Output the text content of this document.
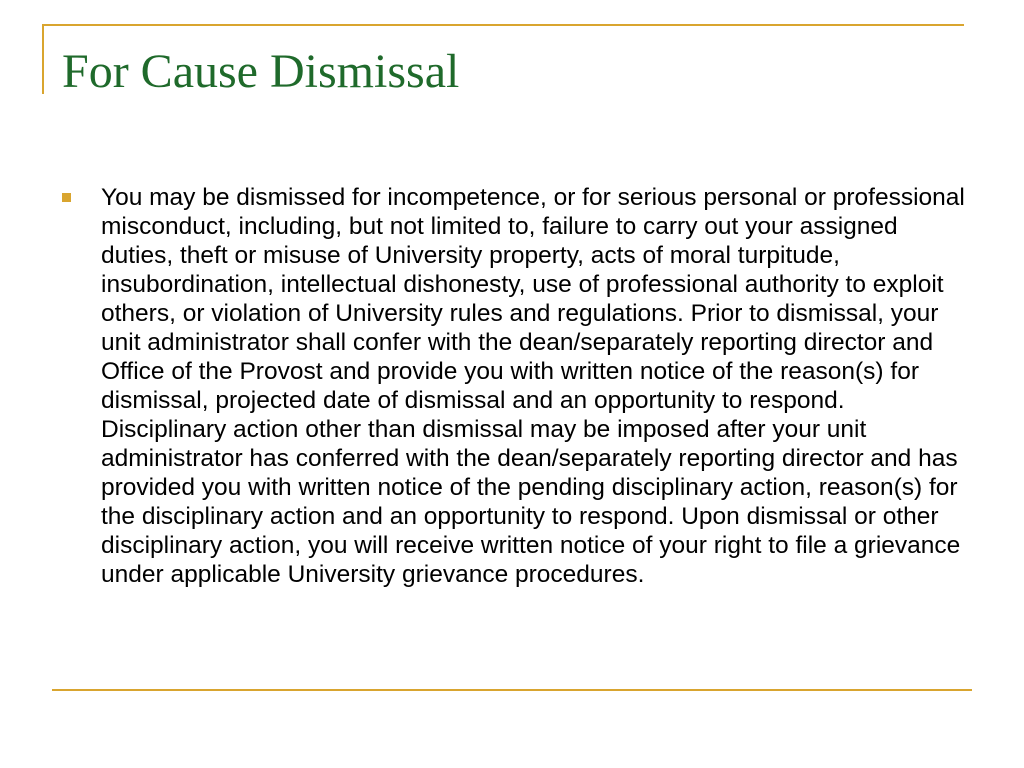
For Cause Dismissal

You may be dismissed for incompetence, or for serious personal or professional misconduct, including, but not limited to, failure to carry out your assigned duties, theft or misuse of University property, acts of moral turpitude, insubordination, intellectual dishonesty, use of professional authority to exploit others, or violation of University rules and regulations. Prior to dismissal, your unit administrator shall confer with the dean/separately reporting director and Office of the Provost and provide you with written notice of the reason(s) for dismissal, projected date of dismissal and an opportunity to respond. Disciplinary action other than dismissal may be imposed after your unit administrator has conferred with the dean/separately reporting director and has provided you with written notice of the pending disciplinary action, reason(s) for the disciplinary action and an opportunity to respond. Upon dismissal or other disciplinary action, you will receive written notice of your right to file a grievance under applicable University grievance procedures.
